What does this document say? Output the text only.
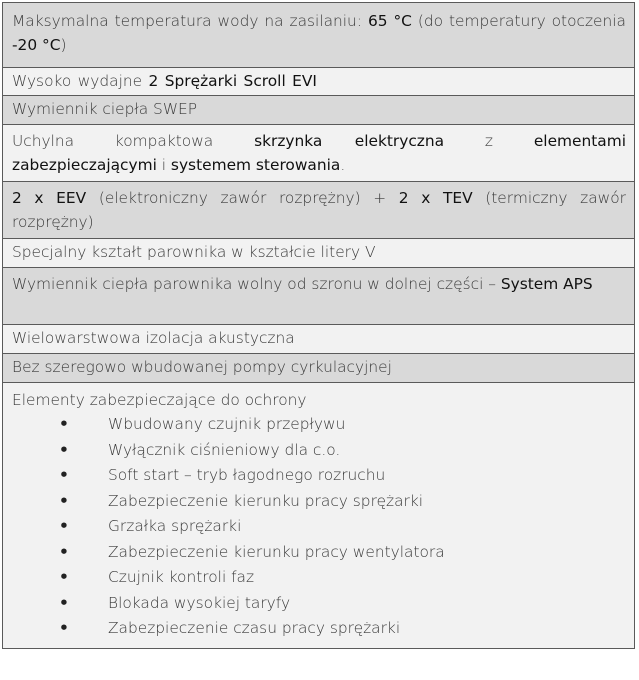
Maksymalna temperatura wody na zasilaniu: 65 °C (do temperatury otoczenia -20 °C)
Wysoko wydajne 2 Sprężarki Scroll EVI
Wymiennik ciepła SWEP
Uchylna kompaktowa skrzynka elektryczna z elementami zabezpieczającymi i systemem sterowania.
2 x EEV (elektroniczny zawór rozprężny) + 2 x TEV (termiczny zawór rozprężny)
Specjalny kształt parownika w kształcie litery V
Wymiennik ciepła parownika wolny od szronu w dolnej części – System APS
Wielowarstwowa izolacja akustyczna
Bez szeregowo wbudowanej pompy cyrkulacyjnej
Elementy zabezpieczające do ochrony
•	Wbudowany czujnik przepływu
•	Wyłącznik ciśnieniowy dla c.o.
•	Soft start – tryb łagodnego rozruchu
•	Zabezpieczenie kierunku pracy sprężarki
•	Grzałka sprężarki
•	Zabezpieczenie kierunku pracy wentylatora
•	Czujnik kontroli faz
•	Blokada wysokiej taryfy
•	Zabezpieczenie czasu pracy sprężarki
